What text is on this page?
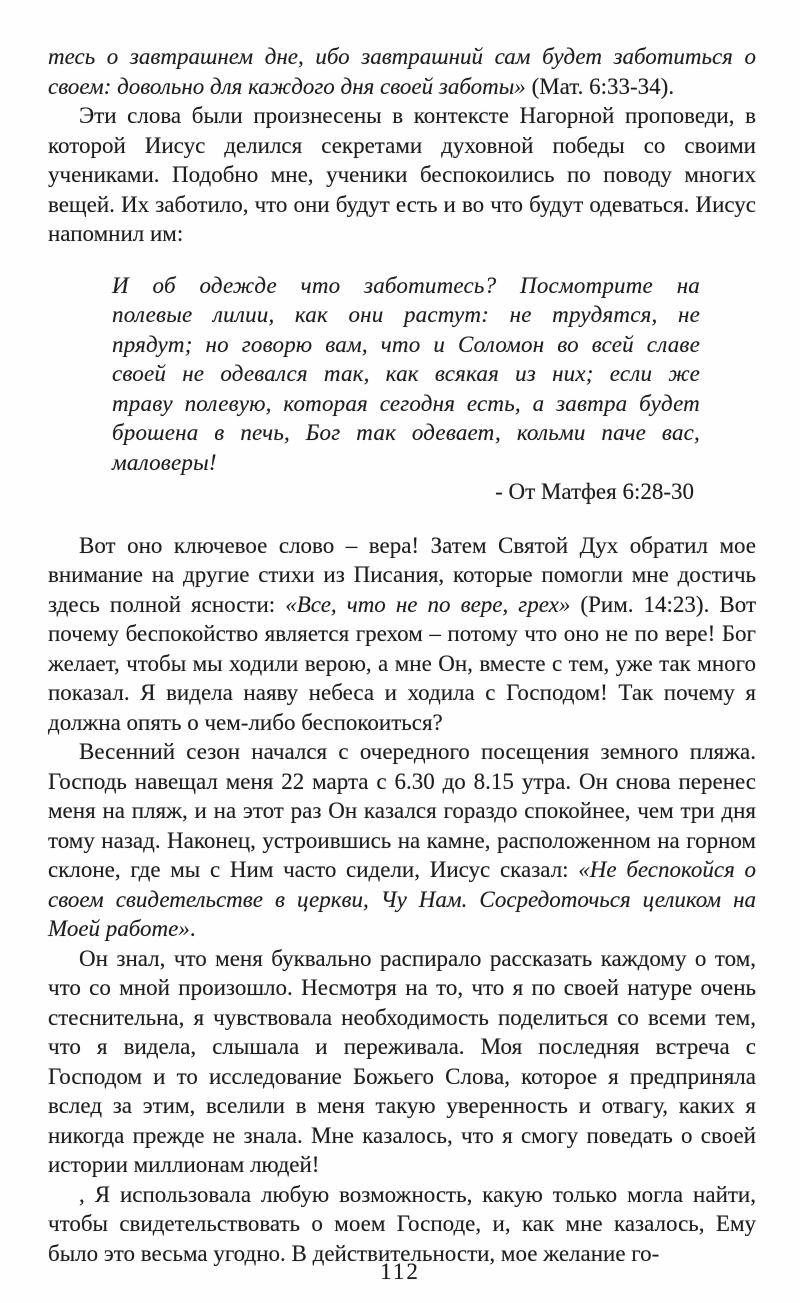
тесь о завтрашнем дне, ибо завтрашний сам будет заботиться о своем: довольно для каждого дня своей заботы» (Мат. 6:33-34).

Эти слова были произнесены в контексте Нагорной проповеди, в которой Иисус делился секретами духовной победы со своими учениками. Подобно мне, ученики беспокоились по поводу многих вещей. Их заботило, что они будут есть и во что будут одеваться. Иисус напомнил им:

И об одежде что заботитесь? Посмотрите на полевые лилии, как они растут: не трудятся, не прядут; но говорю вам, что и Соломон во всей славе своей не одевался так, как всякая из них; если же траву полевую, которая сегодня есть, а завтра будет брошена в печь, Бог так одевает, кольми паче вас, маловеры!

- От Матфея 6:28-30

Вот оно ключевое слово – вера! Затем Святой Дух обратил мое внимание на другие стихи из Писания, которые помогли мне достичь здесь полной ясности: «Все, что не по вере, грех» (Рим. 14:23). Вот почему беспокойство является грехом – потому что оно не по вере! Бог желает, чтобы мы ходили верою, а мне Он, вместе с тем, уже так много показал. Я видела наяву небеса и ходила с Господом! Так почему я должна опять о чем-либо беспокоиться?

Весенний сезон начался с очередного посещения земного пляжа. Господь навещал меня 22 марта с 6.30 до 8.15 утра. Он снова перенес меня на пляж, и на этот раз Он казался гораздо спокойнее, чем три дня тому назад. Наконец, устроившись на камне, расположенном на горном склоне, где мы с Ним часто сидели, Иисус сказал: «Не беспокойся о своем свидетельстве в церкви, Чу Нам. Сосредоточься целиком на Моей работе».

Он знал, что меня буквально распирало рассказать каждому о том, что со мной произошло. Несмотря на то, что я по своей натуре очень стеснительна, я чувствовала необходимость поделиться со всеми тем, что я видела, слышала и переживала. Моя последняя встреча с Господом и то исследование Божьего Слова, которое я предприняла вслед за этим, вселили в меня такую уверенность и отвагу, каких я никогда прежде не знала. Мне казалось, что я смогу поведать о своей истории миллионам людей!

, Я использовала любую возможность, какую только могла найти, чтобы свидетельствовать о моем Господе, и, как мне казалось, Ему было это весьма угодно. В действительности, мое желание го-

112
